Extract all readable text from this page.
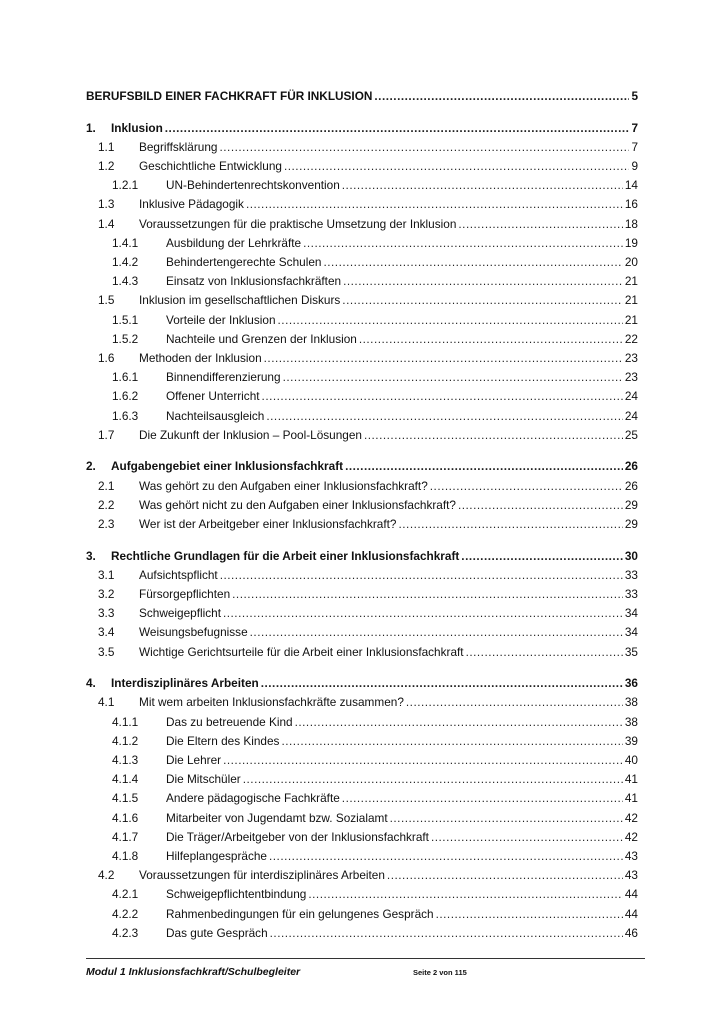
BERUFSBILD EINER FACHKRAFT FÜR INKLUSION .....	5
1. Inklusion .....	7
1.1 Begriffsklärung .....	7
1.2 Geschichtliche Entwicklung .....	9
1.2.1 UN-Behindertenrechtskonvention .....	14
1.3 Inklusive Pädagogik .....	16
1.4 Voraussetzungen für die praktische Umsetzung der Inklusion .....	18
1.4.1 Ausbildung der Lehrkräfte .....	19
1.4.2 Behindertengerechte Schulen .....	20
1.4.3 Einsatz von Inklusionsfachkräften .....	21
1.5 Inklusion im gesellschaftlichen Diskurs .....	21
1.5.1 Vorteile der Inklusion .....	21
1.5.2 Nachteile und Grenzen der Inklusion .....	22
1.6 Methoden der Inklusion .....	23
1.6.1 Binnendifferenzierung .....	23
1.6.2 Offener Unterricht .....	24
1.6.3 Nachteilsausgleich .....	24
1.7 Die Zukunft der Inklusion – Pool-Lösungen .....	25
2. Aufgabengebiet einer Inklusionsfachkraft .....	26
2.1 Was gehört zu den Aufgaben einer Inklusionsfachkraft? .....	26
2.2 Was gehört nicht zu den Aufgaben einer Inklusionsfachkraft? .....	29
2.3 Wer ist der Arbeitgeber einer Inklusionsfachkraft? .....	29
3. Rechtliche Grundlagen für die Arbeit einer Inklusionsfachkraft .....	30
3.1 Aufsichtspflicht .....	33
3.2 Fürsorgepflichten .....	33
3.3 Schweigepflicht .....	34
3.4 Weisungsbefugnisse .....	34
3.5 Wichtige Gerichtsurteile für die Arbeit einer Inklusionsfachkraft .....	35
4. Interdisziplinäres Arbeiten .....	36
4.1 Mit wem arbeiten Inklusionsfachkräfte zusammen? .....	38
4.1.1 Das zu betreuende Kind .....	38
4.1.2 Die Eltern des Kindes .....	39
4.1.3 Die Lehrer .....	40
4.1.4 Die Mitschüler .....	41
4.1.5 Andere pädagogische Fachkräfte .....	41
4.1.6 Mitarbeiter von Jugendamt bzw. Sozialamt .....	42
4.1.7 Die Träger/Arbeitgeber von der Inklusionsfachkraft .....	42
4.1.8 Hilfeplangespräche .....	43
4.2 Voraussetzungen für interdisziplinäres Arbeiten .....	43
4.2.1 Schweigepflichtentbindung .....	44
4.2.2 Rahmenbedingungen für ein gelungenes Gespräch .....	44
4.2.3 Das gute Gespräch .....	46
Modul 1 Inklusionsfachkraft/Schulbegleiter	Seite 2 von 115
